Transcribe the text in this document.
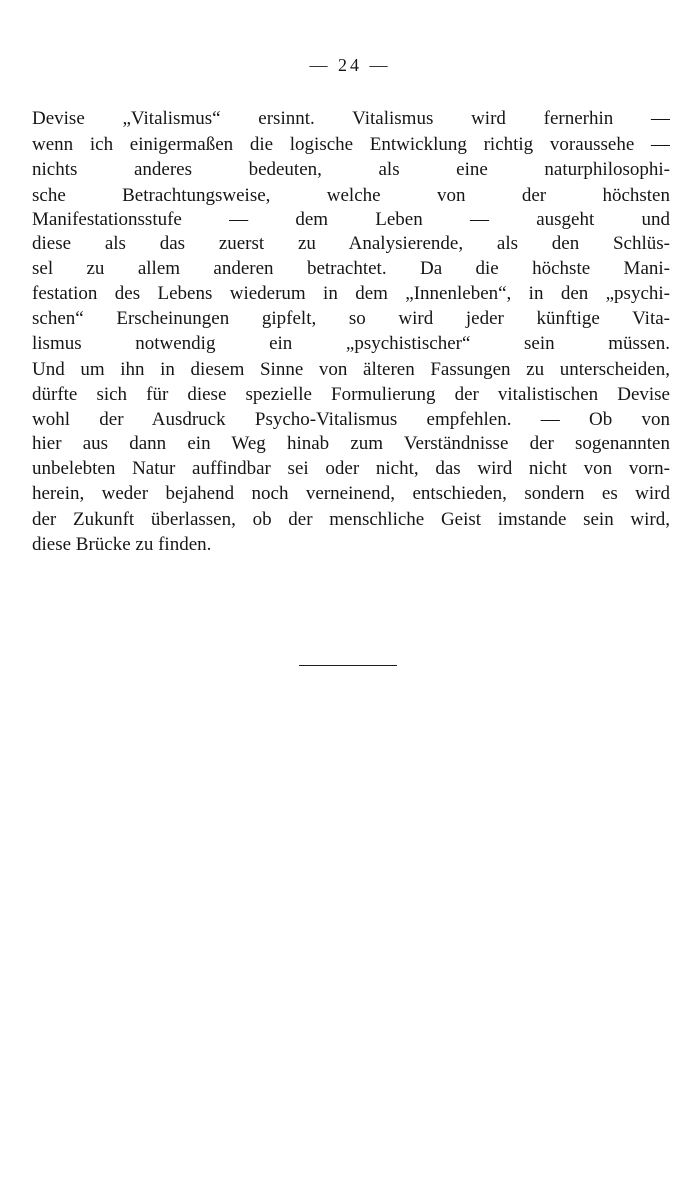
— 24 —
Devise „Vitalismus“ ersinnt. Vitalismus wird fernerhin —
wenn ich einigermaßen die logische Entwicklung richtig voraussehe —
nichts anderes bedeuten, als eine naturphilosophi-
sche Betrachtungsweise, welche von der höchsten
Manifestationsstufe — dem Leben — ausgeht und
diese als das zuerst zu Analysierende, als den Schlüs-
sel zu allem anderen betrachtet. Da die höchste Mani-
festation des Lebens wiederum in dem „Innenleben“, in den „psychi-
schen“ Erscheinungen gipfelt, so wird jeder künftige Vita-
lismus notwendig ein „psychistischer“ sein müssen.
Und um ihn in diesem Sinne von älteren Fassungen zu unterscheiden,
dürfte sich für diese spezielle Formulierung der vitalistischen Devise
wohl der Ausdruck Psycho-Vitalismus empfehlen. — Ob von
hier aus dann ein Weg hinab zum Verständnisse der sogenannten
unbelebten Natur auffindbar sei oder nicht, das wird nicht von vorn-
herein, weder bejahend noch verneinend, entschieden, sondern es wird
der Zukunft überlassen, ob der menschliche Geist imstande sein wird,
diese Brücke zu finden.
